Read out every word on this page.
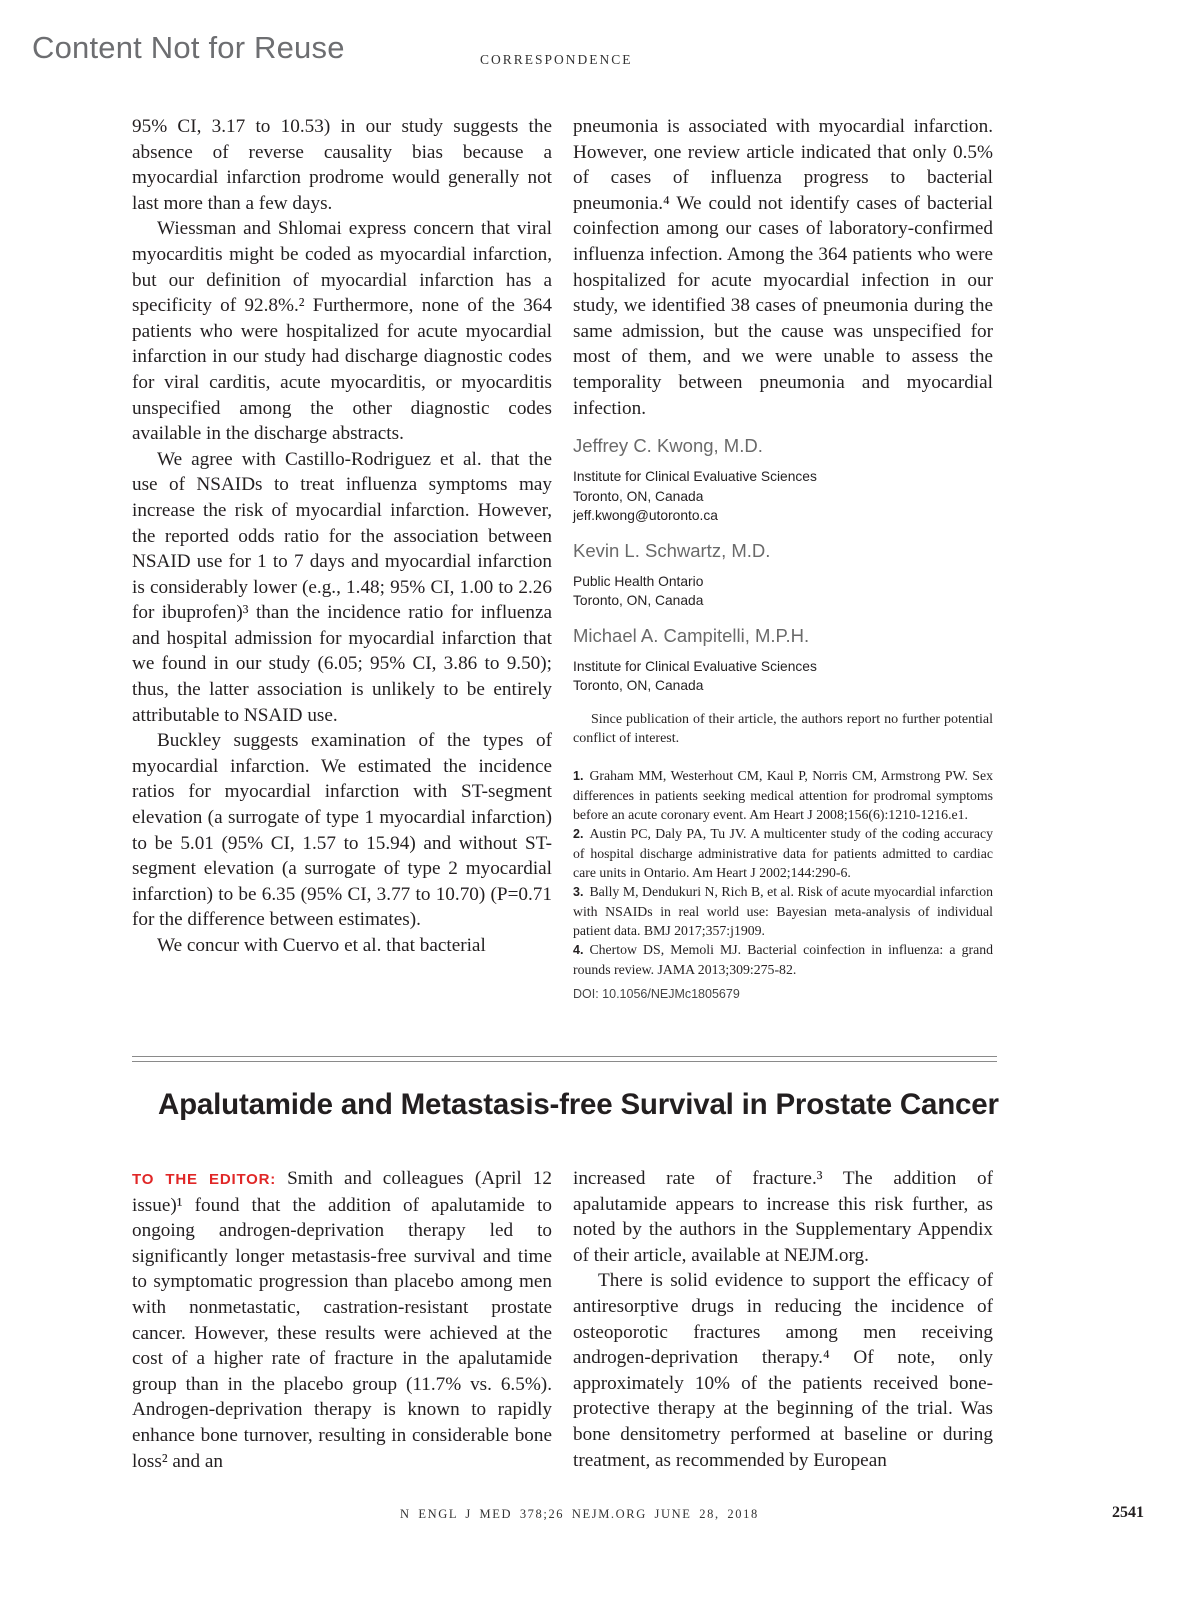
Content Not for Reuse	CORRESPONDENCE

95% CI, 3.17 to 10.53) in our study suggests the absence of reverse causality bias because a myocardial infarction prodrome would generally not last more than a few days.

Wiessman and Shlomai express concern that viral myocarditis might be coded as myocardial infarction, but our definition of myocardial infarction has a specificity of 92.8%.² Furthermore, none of the 364 patients who were hospitalized for acute myocardial infarction in our study had discharge diagnostic codes for viral carditis, acute myocarditis, or myocarditis unspecified among the other diagnostic codes available in the discharge abstracts.

We agree with Castillo-Rodriguez et al. that the use of NSAIDs to treat influenza symptoms may increase the risk of myocardial infarction. However, the reported odds ratio for the association between NSAID use for 1 to 7 days and myocardial infarction is considerably lower (e.g., 1.48; 95% CI, 1.00 to 2.26 for ibuprofen)³ than the incidence ratio for influenza and hospital admission for myocardial infarction that we found in our study (6.05; 95% CI, 3.86 to 9.50); thus, the latter association is unlikely to be entirely attributable to NSAID use.

Buckley suggests examination of the types of myocardial infarction. We estimated the incidence ratios for myocardial infarction with ST-segment elevation (a surrogate of type 1 myocardial infarction) to be 5.01 (95% CI, 1.57 to 15.94) and without ST-segment elevation (a surrogate of type 2 myocardial infarction) to be 6.35 (95% CI, 3.77 to 10.70) (P=0.71 for the difference between estimates).

We concur with Cuervo et al. that bacterial

pneumonia is associated with myocardial infarction. However, one review article indicated that only 0.5% of cases of influenza progress to bacterial pneumonia.⁴ We could not identify cases of bacterial coinfection among our cases of laboratory-confirmed influenza infection. Among the 364 patients who were hospitalized for acute myocardial infection in our study, we identified 38 cases of pneumonia during the same admission, but the cause was unspecified for most of them, and we were unable to assess the temporality between pneumonia and myocardial infection.

Jeffrey C. Kwong, M.D.
Institute for Clinical Evaluative Sciences
Toronto, ON, Canada
jeff.kwong@utoronto.ca
Kevin L. Schwartz, M.D.
Public Health Ontario
Toronto, ON, Canada
Michael A. Campitelli, M.P.H.
Institute for Clinical Evaluative Sciences
Toronto, ON, Canada
Since publication of their article, the authors report no further potential conflict of interest.

1. Graham MM, Westerhout CM, Kaul P, Norris CM, Armstrong PW. Sex differences in patients seeking medical attention for prodromal symptoms before an acute coronary event. Am Heart J 2008;156(6):1210-1216.e1.

2. Austin PC, Daly PA, Tu JV. A multicenter study of the coding accuracy of hospital discharge administrative data for patients admitted to cardiac care units in Ontario. Am Heart J 2002;144:290-6.

3. Bally M, Dendukuri N, Rich B, et al. Risk of acute myocardial infarction with NSAIDs in real world use: Bayesian meta-analysis of individual patient data. BMJ 2017;357:j1909.

4. Chertow DS, Memoli MJ. Bacterial coinfection in influenza: a grand rounds review. JAMA 2013;309:275-82.

DOI: 10.1056/NEJMc1805679
Apalutamide and Metastasis-free Survival in Prostate Cancer

TO THE EDITOR: Smith and colleagues (April 12 issue)¹ found that the addition of apalutamide to ongoing androgen-deprivation therapy led to significantly longer metastasis-free survival and time to symptomatic progression than placebo among men with nonmetastatic, castration-resistant prostate cancer. However, these results were achieved at the cost of a higher rate of fracture in the apalutamide group than in the placebo group (11.7% vs. 6.5%). Androgen-deprivation therapy is known to rapidly enhance bone turnover, resulting in considerable bone loss² and an

increased rate of fracture.³ The addition of apalutamide appears to increase this risk further, as noted by the authors in the Supplementary Appendix of their article, available at NEJM.org.

There is solid evidence to support the efficacy of antiresorptive drugs in reducing the incidence of osteoporotic fractures among men receiving androgen-deprivation therapy.⁴ Of note, only approximately 10% of the patients received bone-protective therapy at the beginning of the trial. Was bone densitometry performed at baseline or during treatment, as recommended by European

N ENGL J MED 378;26 NEJM.ORG JUNE 28, 2018	2541
